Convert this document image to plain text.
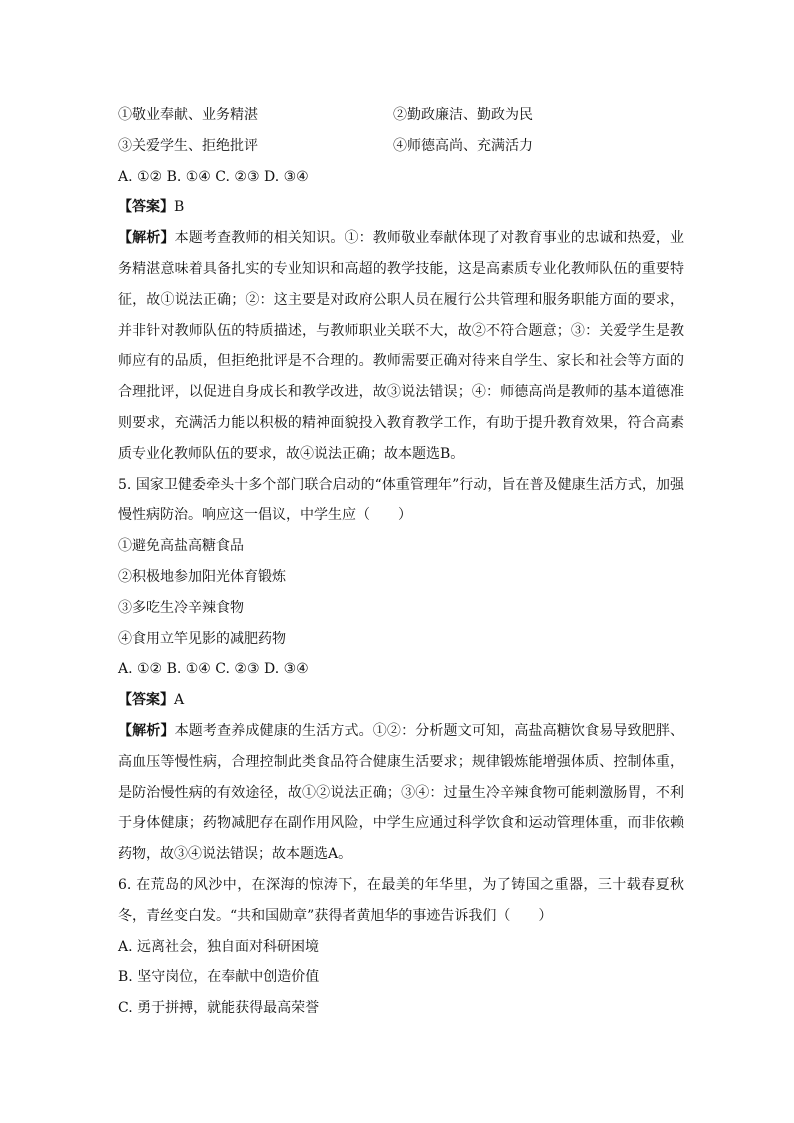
①敬业奉献、业务精湛	②勤政廉洁、勤政为民
③关爱学生、拒绝批评	④师德高尚、充满活力
A. ①② B. ①④ C. ②③ D. ③④
【答案】B
【解析】本题考查教师的相关知识。①：教师敬业奉献体现了对教育事业的忠诚和热爱，业务精湛意味着具备扎实的专业知识和高超的教学技能，这是高素质专业化教师队伍的重要特征，故①说法正确；②：这主要是对政府公职人员在履行公共管理和服务职能方面的要求，并非针对教师队伍的特质描述，与教师职业关联不大，故②不符合题意；③：关爱学生是教师应有的品质，但拒绝批评是不合理的。教师需要正确对待来自学生、家长和社会等方面的合理批评，以促进自身成长和教学改进，故③说法错误；④：师德高尚是教师的基本道德准则要求，充满活力能以积极的精神面貌投入教育教学工作，有助于提升教育效果，符合高素质专业化教师队伍的要求，故④说法正确；故本题选B。
5. 国家卫健委牵头十多个部门联合启动的“体重管理年”行动，旨在普及健康生活方式，加强慢性病防治。响应这一倡议，中学生应（　　）
①避免高盐高糖食品
②积极地参加阳光体育锻炼
③多吃生冷辛辣食物
④食用立竿见影的减肥药物
A. ①② B. ①④ C. ②③ D. ③④
【答案】A
【解析】本题考查养成健康的生活方式。①②：分析题文可知，高盐高糖饮食易导致肥胖、高血压等慢性病，合理控制此类食品符合健康生活要求；规律锻炼能增强体质、控制体重，是防治慢性病的有效途径，故①②说法正确；③④：过量生冷辛辣食物可能刺激肠胃，不利于身体健康；药物减肥存在副作用风险，中学生应通过科学饮食和运动管理体重，而非依赖药物，故③④说法错误；故本题选A。
6. 在荒岛的风沙中，在深海的惊涛下，在最美的年华里，为了铸国之重器，三十载春夏秋冬，青丝变白发。“共和国勋章”获得者黄旭华的事迹告诉我们（　　）
A. 远离社会，独自面对科研困境
B. 坚守岗位，在奉献中创造价值
C. 勇于拼搏，就能获得最高荣誉
